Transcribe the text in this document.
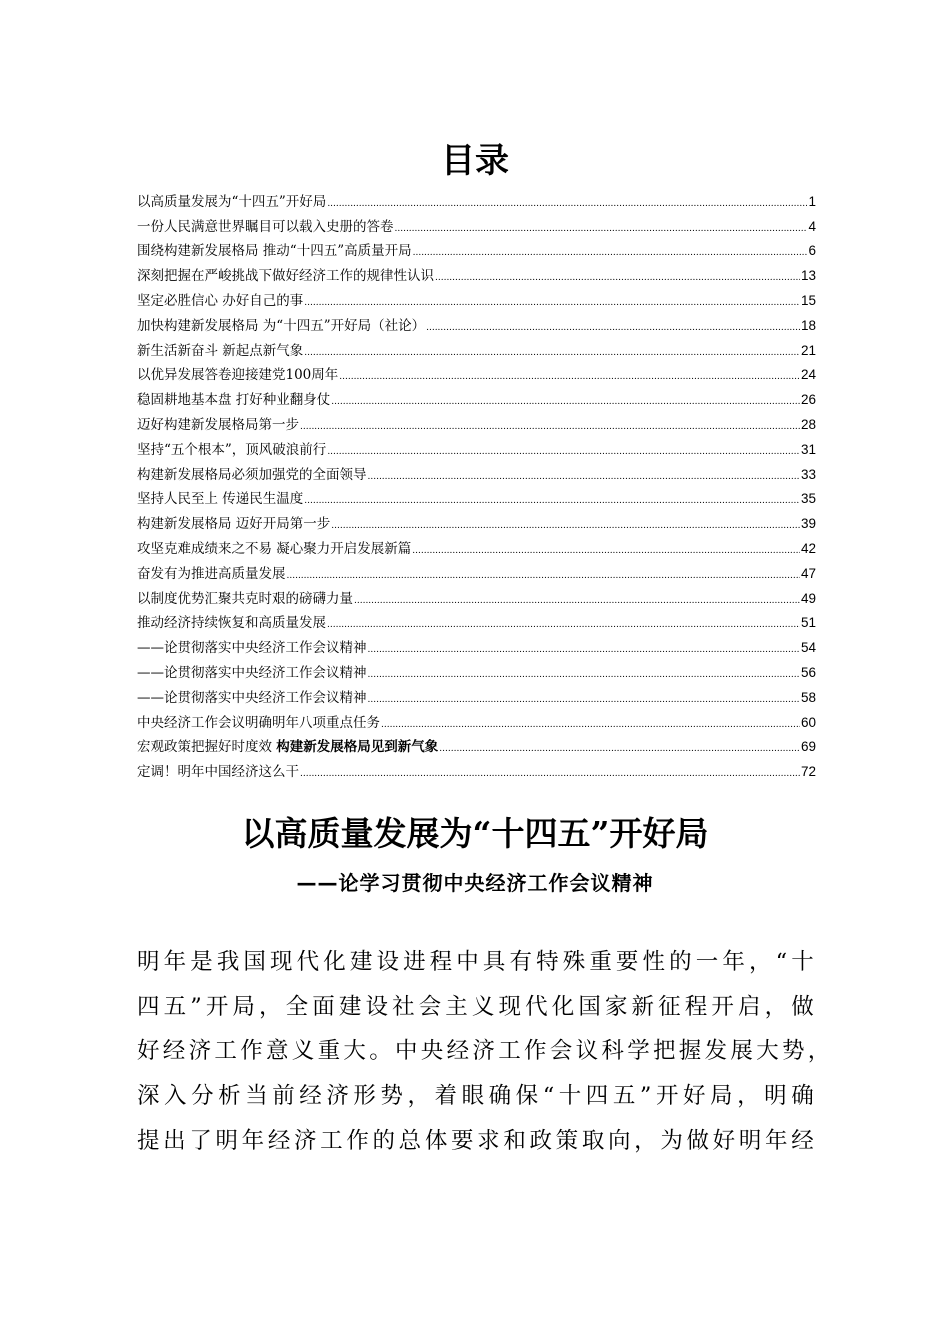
目录
以高质量发展为“十四五”开好局 .....	1
一份人民满意世界瞩目可以载入史册的答卷 .....	4
围绕构建新发展格局 推动“十四五”高质量开局 .....	6
深刻把握在严峻挑战下做好经济工作的规律性认识 .....	13
坚定必胜信心 办好自己的事 .....	15
加快构建新发展格局 为“十四五”开好局（社论） .....	18
新生活新奋斗 新起点新气象 .....	21
以优异发展答卷迎接建党100周年 .....	24
稳固耕地基本盘 打好种业翻身仗 .....	26
迈好构建新发展格局第一步 .....	28
坚持“五个根本”，顶风破浪前行 .....	31
构建新发展格局必须加强党的全面领导 .....	33
坚持人民至上 传递民生温度 .....	35
构建新发展格局 迈好开局第一步 .....	39
攻坚克难成绩来之不易 凝心聚力开启发展新篇 .....	42
奋发有为推进高质量发展 .....	47
以制度优势汇聚共克时艰的磅礴力量 .....	49
推动经济持续恢复和高质量发展 .....	51
——论贯彻落实中央经济工作会议精神 .....	54
——论贯彻落实中央经济工作会议精神 .....	56
——论贯彻落实中央经济工作会议精神 .....	58
中央经济工作会议明确明年八项重点任务 .....	60
宏观政策把握好时度效 构建新发展格局见到新气象 .....	69
定调！明年中国经济这么干 .....	72
以高质量发展为“十四五”开好局
——论学习贯彻中央经济工作会议精神
明年是我国现代化建设进程中具有特殊重要性的一年，“十
四五”开局，全面建设社会主义现代化国家新征程开启，做
好经济工作意义重大。中央经济工作会议科学把握发展大势，
深入分析当前经济形势，着眼确保“十四五”开好局，明确
提出了明年经济工作的总体要求和政策取向，为做好明年经
